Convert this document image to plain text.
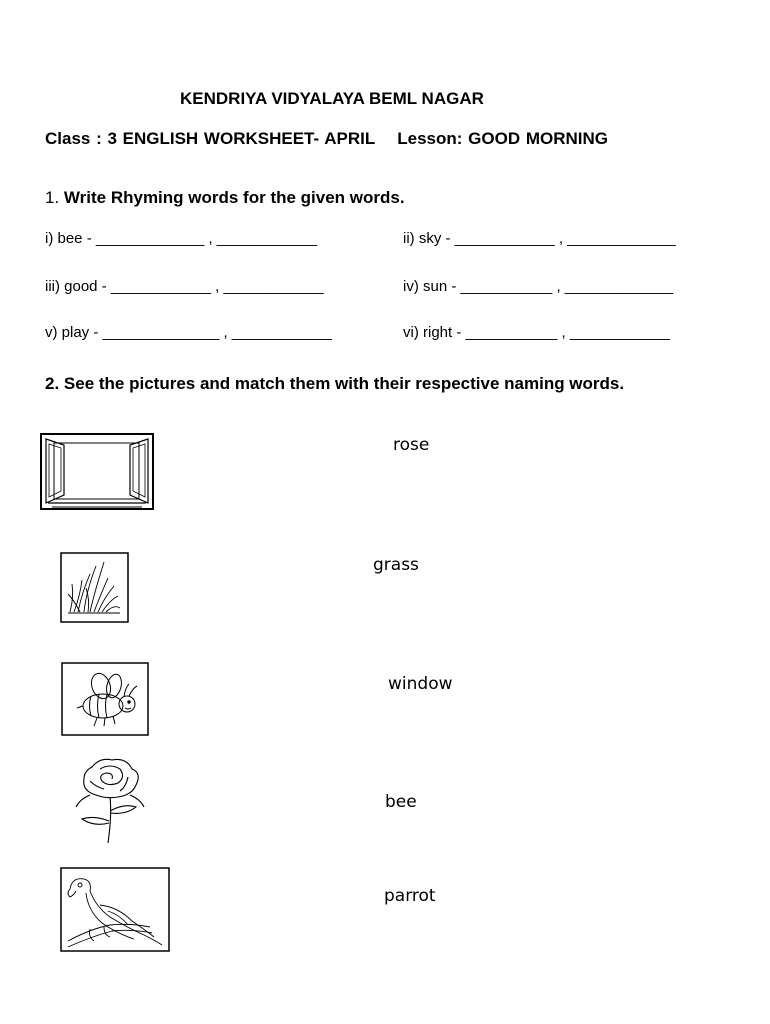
KENDRIYA VIDYALAYA BEML NAGAR
Class : 3 ENGLISH WORKSHEET- APRIL Lesson: GOOD MORNING
1. Write Rhyming words for the given words.
i) bee - _____________ , ____________	ii) sky - ____________ , _____________
iii) good - ____________ , ____________	iv) sun - ___________ , _____________
v) play - ______________ , ____________	vi) right - ___________ , ____________
2. See the pictures and match them with their respective naming words.
rose
grass
window
bee
parrot
